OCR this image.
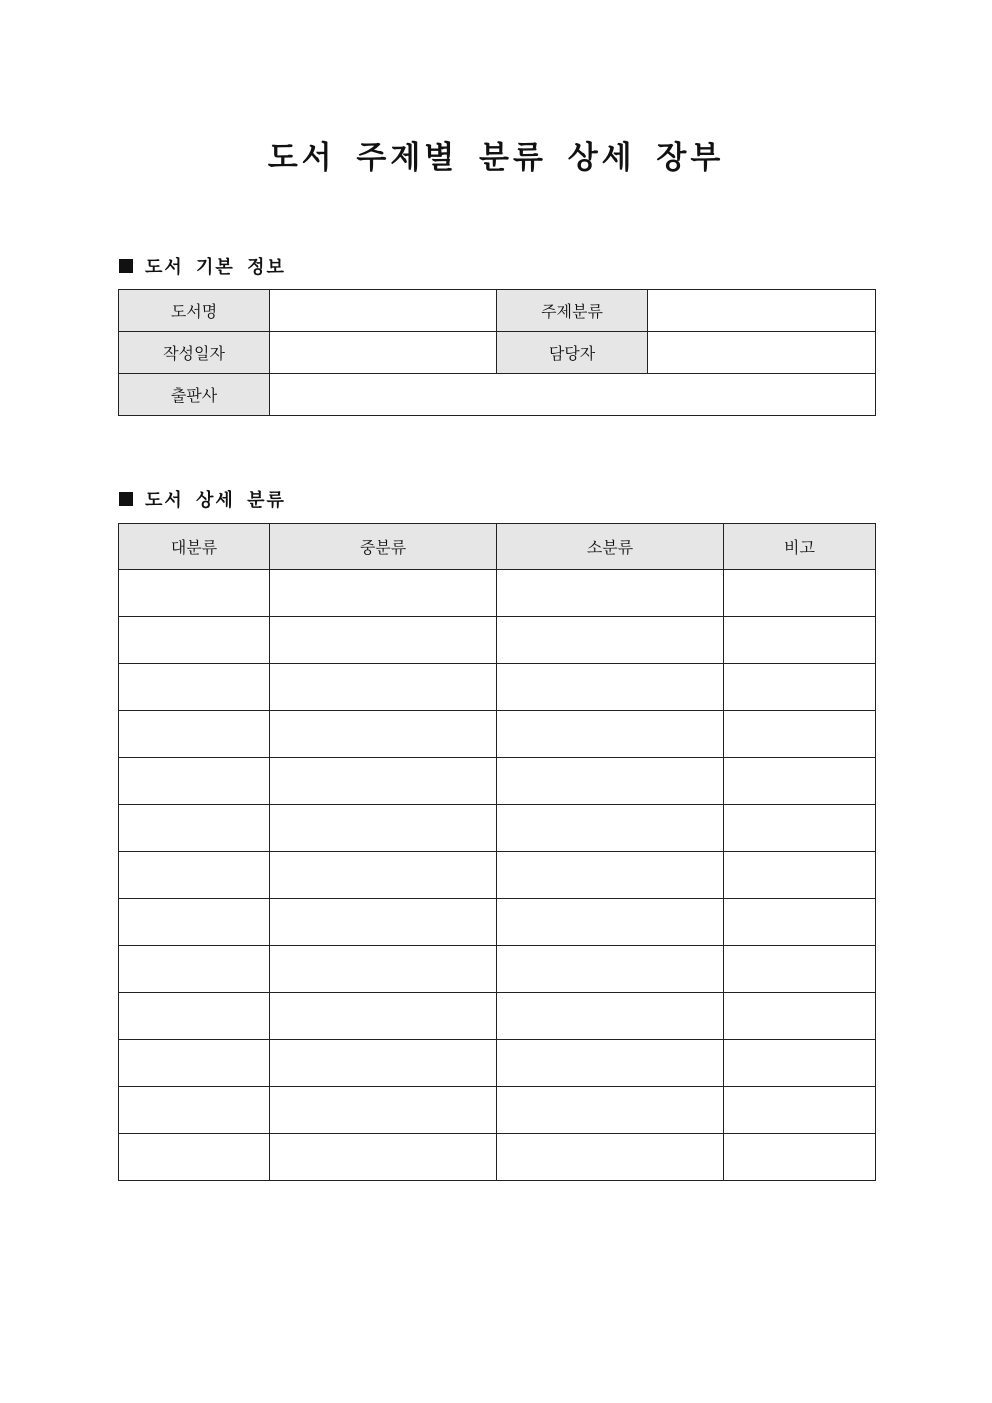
도서 주제별 분류 상세 장부
도서 기본 정보
도서명		주제분류	
작성일자		담당자	
출판사			
도서 상세 분류
대분류	중분류	소분류	비고
